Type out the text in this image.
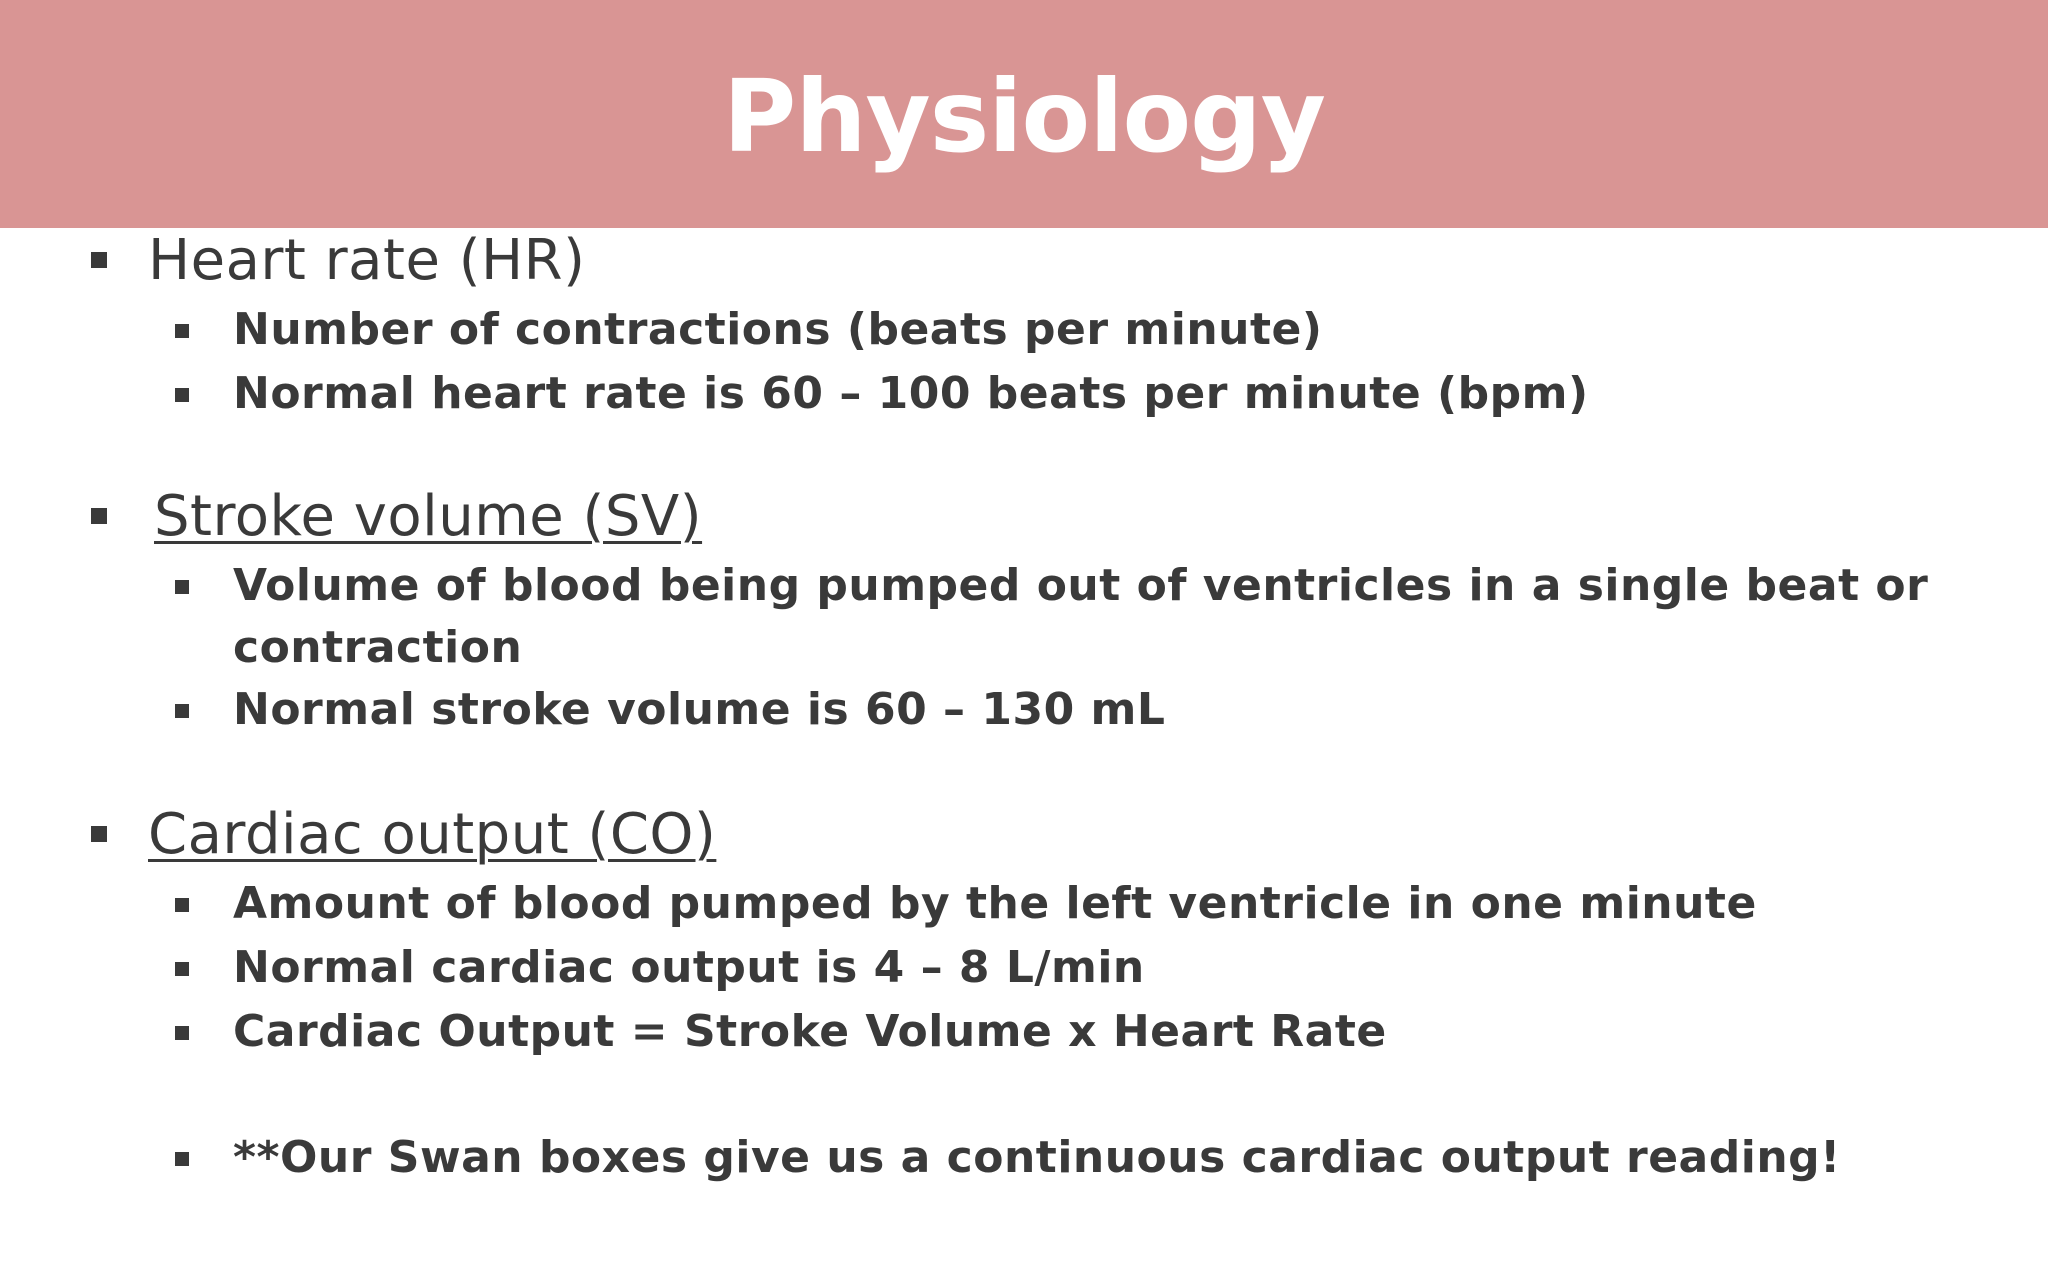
Physiology
Heart rate (HR)
Number of contractions (beats per minute)
Normal heart rate is 60 – 100 beats per minute (bpm)
Stroke volume (SV)
Volume of blood being pumped out of ventricles in a single beat or
contraction
Normal stroke volume is 60 – 130 mL
Cardiac output (CO)
Amount of blood pumped by the left ventricle in one minute
Normal cardiac output is 4 – 8 L/min
Cardiac Output = Stroke Volume x Heart Rate
**Our Swan boxes give us a continuous cardiac output reading!
